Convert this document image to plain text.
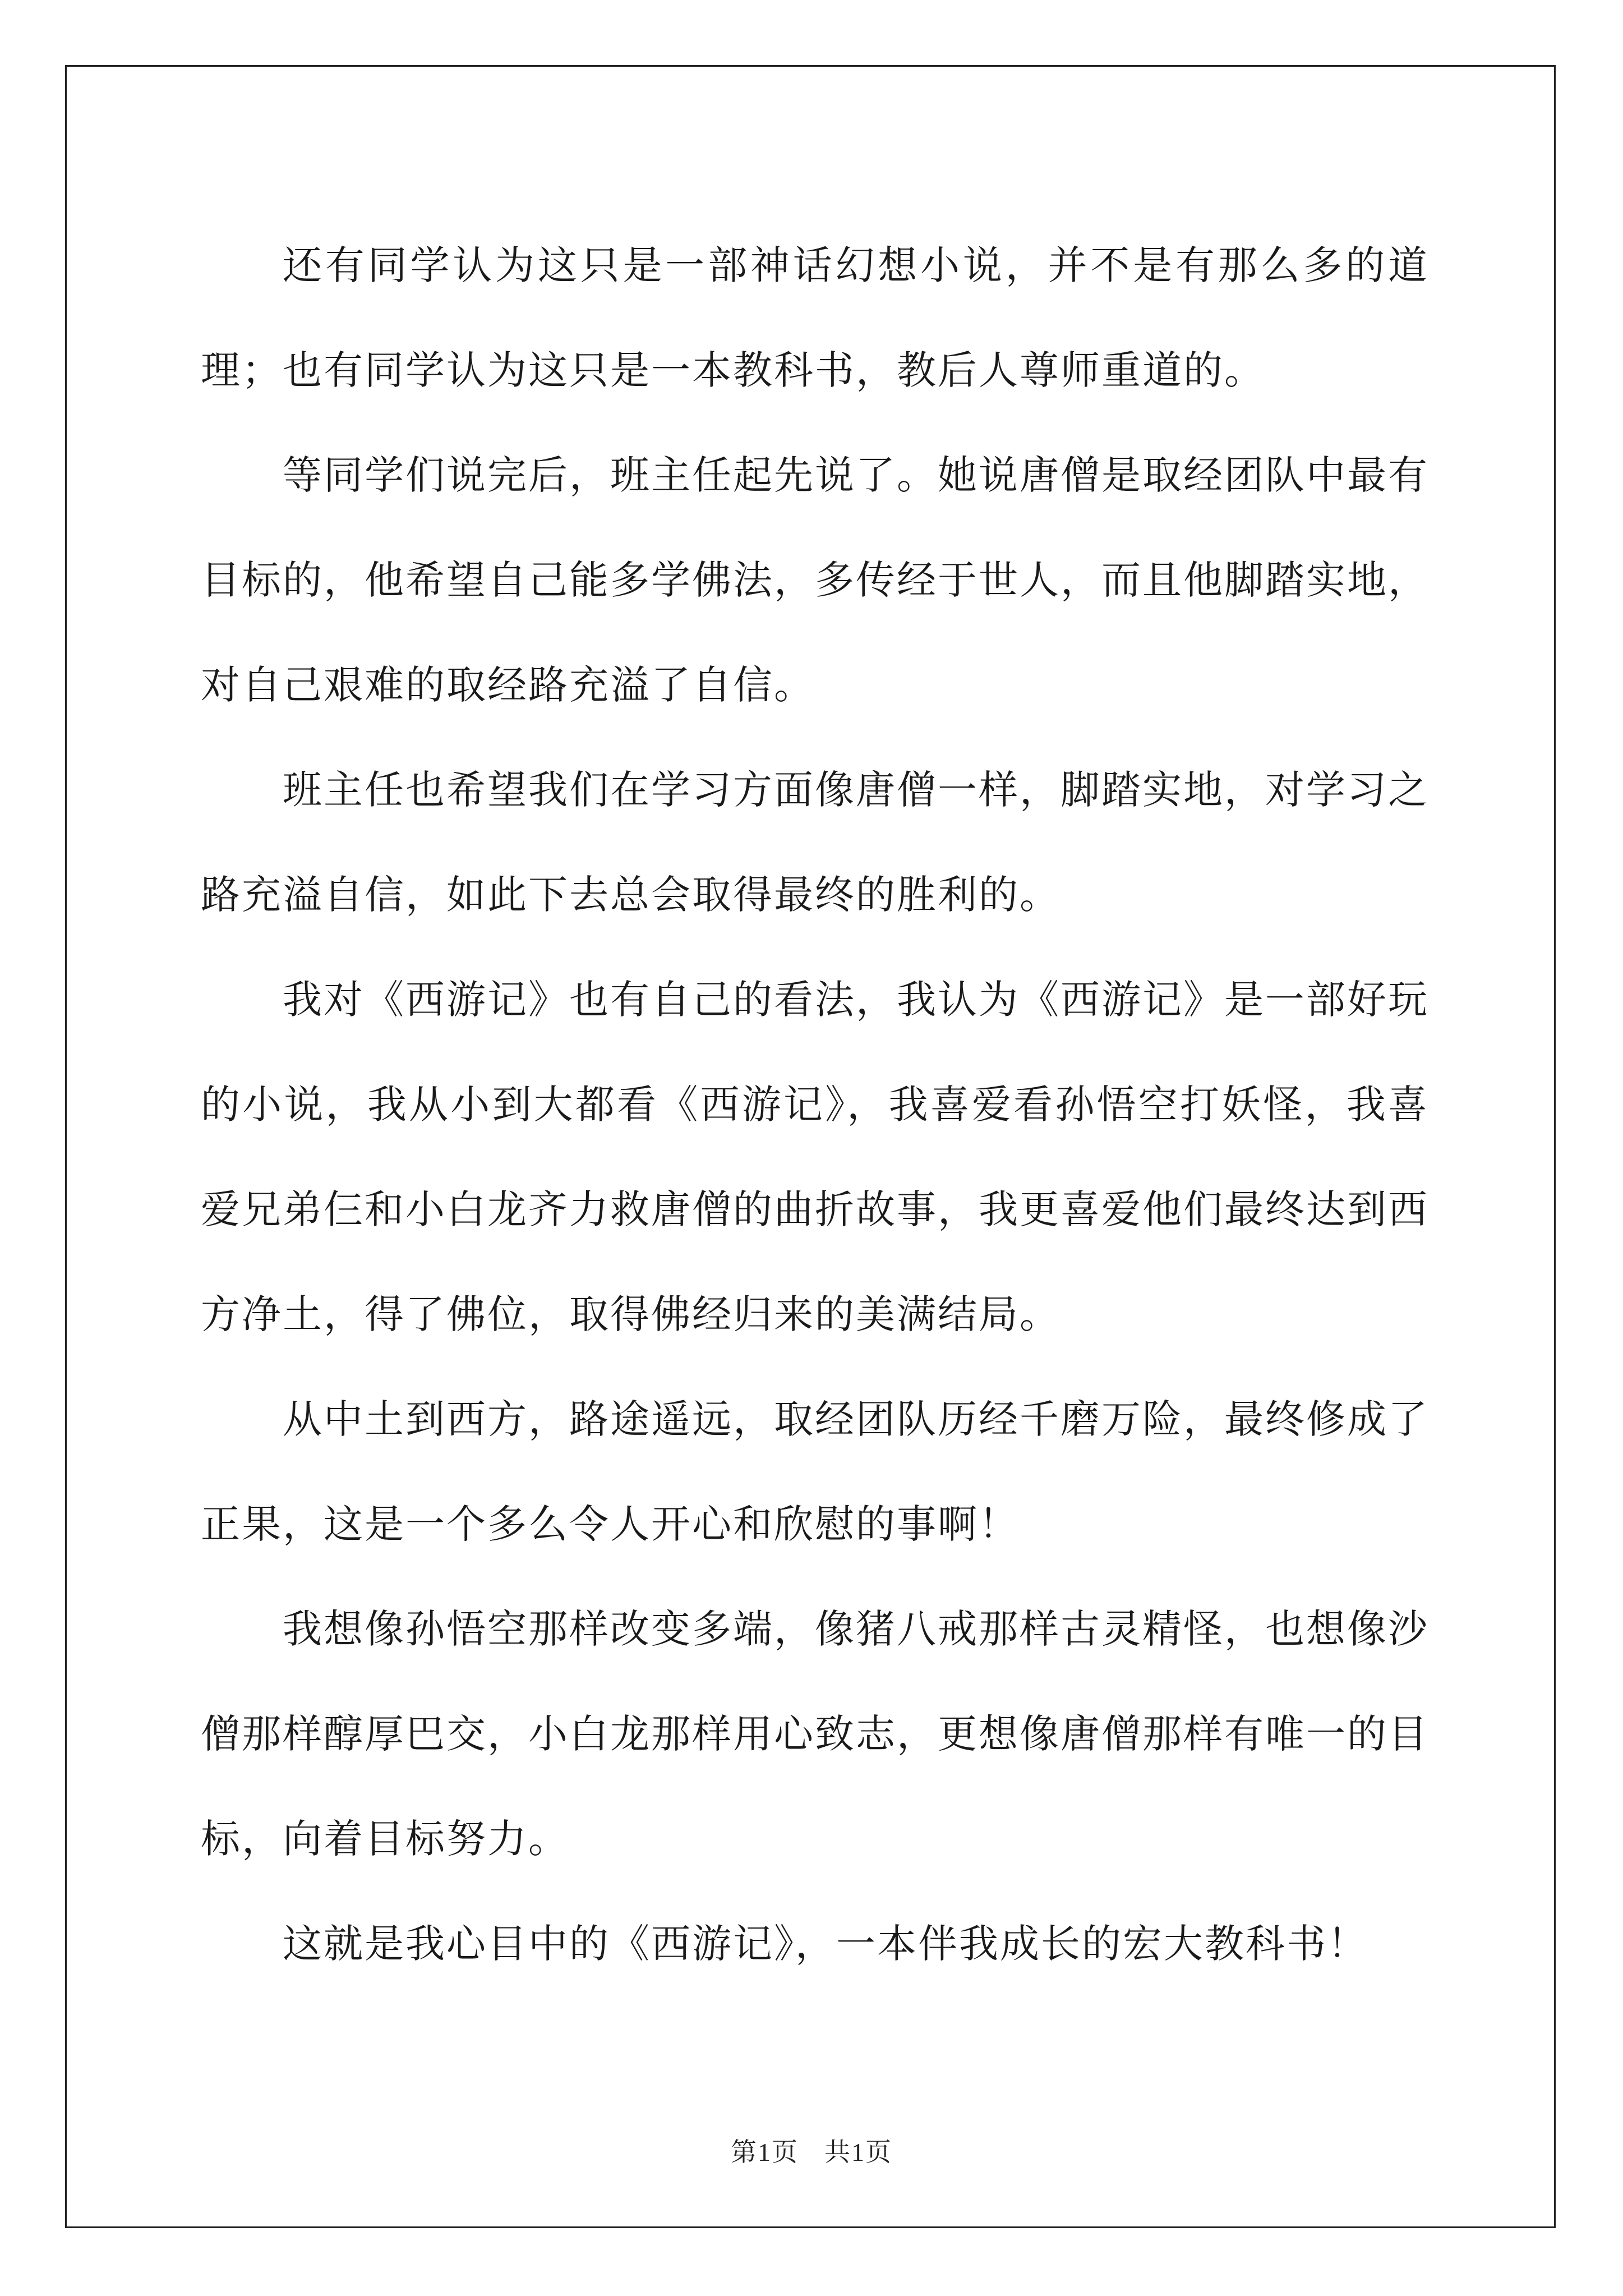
还有同学认为这只是一部神话幻想小说，并不是有那么多的道理；也有同学认为这只是一本教科书，教后人尊师重道的。

等同学们说完后，班主任起先说了。她说唐僧是取经团队中最有目标的，他希望自己能多学佛法，多传经于世人，而且他脚踏实地，对自己艰难的取经路充溢了自信。

班主任也希望我们在学习方面像唐僧一样，脚踏实地，对学习之路充溢自信，如此下去总会取得最终的胜利的。

我对《西游记》也有自己的看法，我认为《西游记》是一部好玩的小说，我从小到大都看《西游记》，我喜爱看孙悟空打妖怪，我喜爱兄弟仨和小白龙齐力救唐僧的曲折故事，我更喜爱他们最终达到西方净土，得了佛位，取得佛经归来的美满结局。

从中土到西方，路途遥远，取经团队历经千磨万险，最终修成了正果，这是一个多么令人开心和欣慰的事啊！

我想像孙悟空那样改变多端，像猪八戒那样古灵精怪，也想像沙僧那样醇厚巴交，小白龙那样用心致志，更想像唐僧那样有唯一的目标，向着目标努力。

这就是我心目中的《西游记》，一本伴我成长的宏大教科书！

第1页 共1页
